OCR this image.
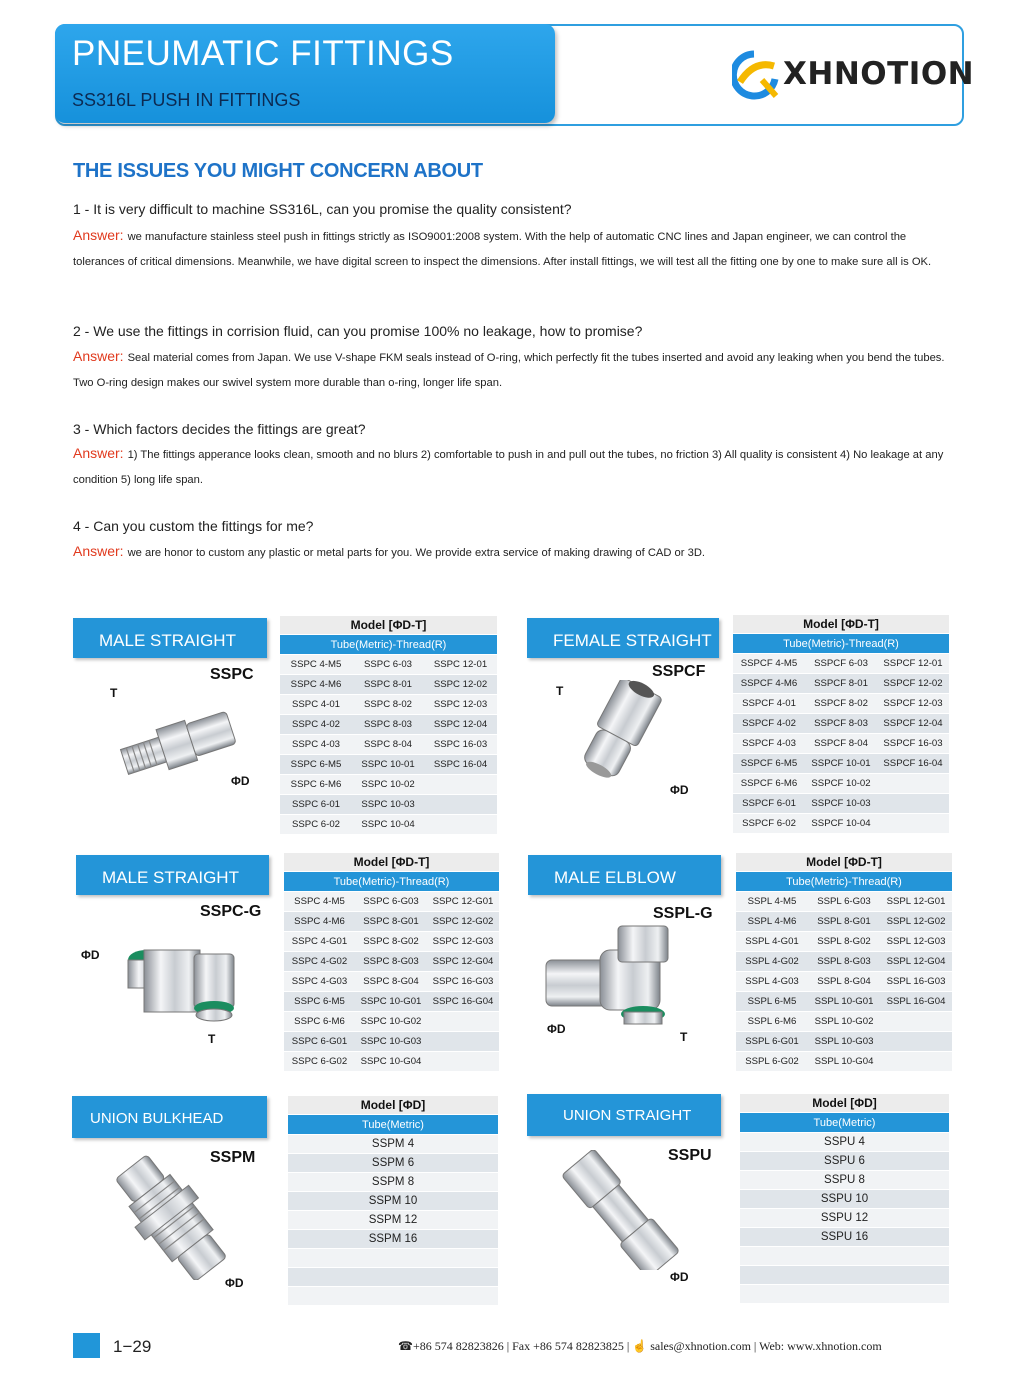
PNEUMATIC FITTINGS
SS316L PUSH IN FITTINGS
XHNOTION
THE ISSUES YOU MIGHT CONCERN ABOUT
1 - It is very difficult to machine SS316L, can you promise the quality consistent?
Answer: we manufacture stainless steel push in fittings strictly as ISO9001:2008 system. With the help of automatic CNC lines and Japan engineer, we can control the tolerances of critical dimensions. Meanwhile, we have digital screen to inspect the dimensions. After install fittings, we will test all the fitting one by one to make sure all is OK.
2 - We use the fittings in corrision fluid, can you promise 100% no leakage, how to promise?
Answer: Seal material comes from Japan. We use V-shape FKM seals instead of O-ring, which perfectly fit the tubes inserted and avoid any leaking when you bend the tubes. Two O-ring design makes our swivel system more durable than o-ring, longer life span.
3 - Which factors decides the fittings are great?
Answer: 1) The fittings apperance looks clean, smooth and no blurs 2) comfortable to push in and pull out the tubes, no friction 3) All quality is consistent 4) No leakage at any condition 5) long life span.
4 - Can you custom the fittings for me?
Answer: we are honor to custom any plastic or metal parts for you. We provide extra service of making drawing of CAD or 3D.
MALE STRAIGHT
SSPC
T
ΦD
Model [ΦD-T]		
Tube(Metric)-Thread(R)		
SSPC 4-M5	SSPC 6-03	SSPC 12-01
SSPC 4-M6	SSPC 8-01	SSPC 12-02
SSPC 4-01	SSPC 8-02	SSPC 12-03
SSPC 4-02	SSPC 8-03	SSPC 12-04
SSPC 4-03	SSPC 8-04	SSPC 16-03
SSPC 6-M5	SSPC 10-01	SSPC 16-04
SSPC 6-M6	SSPC 10-02	
SSPC 6-01	SSPC 10-03	
SSPC 6-02	SSPC 10-04	
FEMALE STRAIGHT
SSPCF
T
ΦD
Model [ΦD-T]		
Tube(Metric)-Thread(R)		
SSPCF 4-M5	SSPCF 6-03	SSPCF 12-01
SSPCF 4-M6	SSPCF 8-01	SSPCF 12-02
SSPCF 4-01	SSPCF 8-02	SSPCF 12-03
SSPCF 4-02	SSPCF 8-03	SSPCF 12-04
SSPCF 4-03	SSPCF 8-04	SSPCF 16-03
SSPCF 6-M5	SSPCF 10-01	SSPCF 16-04
SSPCF 6-M6	SSPCF 10-02	
SSPCF 6-01	SSPCF 10-03	
SSPCF 6-02	SSPCF 10-04	
MALE STRAIGHT
SSPC-G
ΦD
T
Model [ΦD-T]		
Tube(Metric)-Thread(R)		
SSPC 4-M5	SSPC 6-G03	SSPC 12-G01
SSPC 4-M6	SSPC 8-G01	SSPC 12-G02
SSPC 4-G01	SSPC 8-G02	SSPC 12-G03
SSPC 4-G02	SSPC 8-G03	SSPC 12-G04
SSPC 4-G03	SSPC 8-G04	SSPC 16-G03
SSPC 6-M5	SSPC 10-G01	SSPC 16-G04
SSPC 6-M6	SSPC 10-G02	
SSPC 6-G01	SSPC 10-G03	
SSPC 6-G02	SSPC 10-G04	
MALE ELBLOW
SSPL-G
ΦD
T
Model [ΦD-T]		
Tube(Metric)-Thread(R)		
SSPL 4-M5	SSPL 6-G03	SSPL 12-G01
SSPL 4-M6	SSPL 8-G01	SSPL 12-G02
SSPL 4-G01	SSPL 8-G02	SSPL 12-G03
SSPL 4-G02	SSPL 8-G03	SSPL 12-G04
SSPL 4-G03	SSPL 8-G04	SSPL 16-G03
SSPL 6-M5	SSPL 10-G01	SSPL 16-G04
SSPL 6-M6	SSPL 10-G02	
SSPL 6-G01	SSPL 10-G03	
SSPL 6-G02	SSPL 10-G04	
UNION BULKHEAD
SSPM
ΦD
Model [ΦD]
Tube(Metric)
SSPM 4
SSPM 6
SSPM 8
SSPM 10
SSPM 12
SSPM 16

UNION STRAIGHT
SSPU
ΦD
Model [ΦD]
Tube(Metric)
SSPU 4
SSPU 6
SSPU 8
SSPU 10
SSPU 12
SSPU 16

1−29	☎+86 574 82823826 | Fax +86 574 82823825 | ☝ sales@xhnotion.com | Web: www.xhnotion.com
